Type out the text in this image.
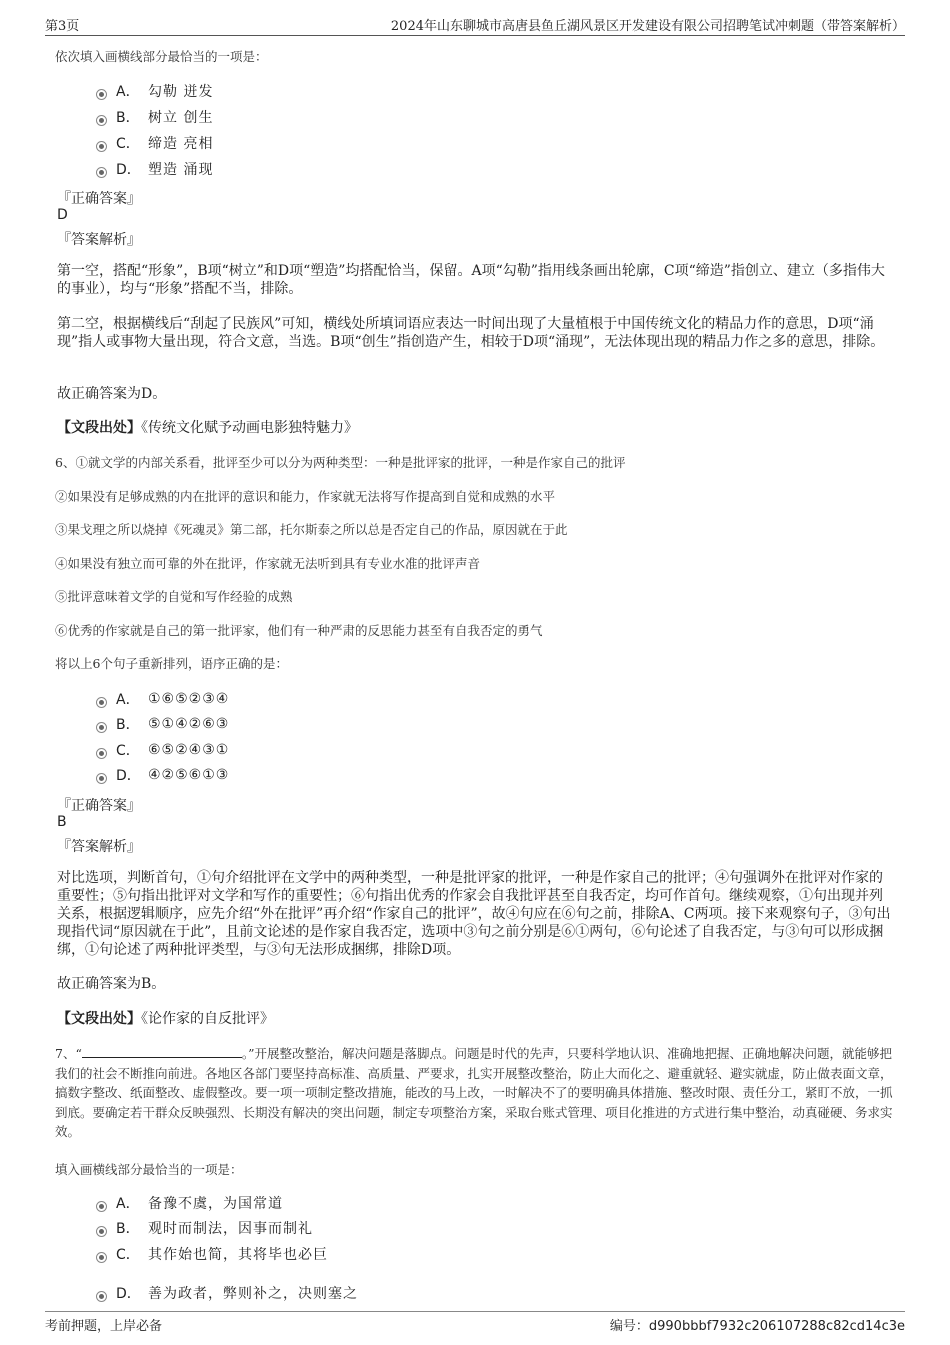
第3页	2024年山东聊城市高唐县鱼丘湖风景区开发建设有限公司招聘笔试冲刺题（带答案解析）
依次填入画横线部分最恰当的一项是：
A． 勾勒 迸发
B． 树立 创生
C． 缔造 亮相
D． 塑造 涌现
『正确答案』
D
『答案解析』
第一空，搭配“形象”，B项“树立”和D项“塑造”均搭配恰当，保留。A项“勾勒”指用线条画出轮廓，C项“缔造”指创立、建立（多指伟大的事业），均与“形象”搭配不当，排除。
第二空，根据横线后“刮起了民族风”可知，横线处所填词语应表达一时间出现了大量植根于中国传统文化的精品力作的意思，D项“涌现”指人或事物大量出现，符合文意，当选。B项“创生”指创造产生，相较于D项“涌现”，无法体现出现的精品力作之多的意思，排除。
故正确答案为D。
【文段出处】《传统文化赋予动画电影独特魅力》
6、①就文学的内部关系看，批评至少可以分为两种类型：一种是批评家的批评，一种是作家自己的批评
②如果没有足够成熟的内在批评的意识和能力，作家就无法将写作提高到自觉和成熟的水平
③果戈理之所以烧掉《死魂灵》第二部，托尔斯泰之所以总是否定自己的作品，原因就在于此
④如果没有独立而可靠的外在批评，作家就无法听到具有专业水准的批评声音
⑤批评意味着文学的自觉和写作经验的成熟
⑥优秀的作家就是自己的第一批评家，他们有一种严肃的反思能力甚至有自我否定的勇气
将以上6个句子重新排列，语序正确的是：
A． ①⑥⑤②③④
B． ⑤①④②⑥③
C． ⑥⑤②④③①
D． ④②⑤⑥①③
『正确答案』
B
『答案解析』
对比选项，判断首句，①句介绍批评在文学中的两种类型，一种是批评家的批评，一种是作家自己的批评；④句强调外在批评对作家的重要性；⑤句指出批评对文学和写作的重要性；⑥句指出优秀的作家会自我批评甚至自我否定，均可作首句。继续观察，①句出现并列关系，根据逻辑顺序，应先介绍“外在批评”再介绍“作家自己的批评”，故④句应在⑥句之前，排除A、C两项。接下来观察句子，③句出现指代词“原因就在于此”，且前文论述的是作家自我否定，选项中③句之前分别是⑥①两句，⑥句论述了自我否定，与③句可以形成捆绑，①句论述了两种批评类型，与③句无法形成捆绑，排除D项。
故正确答案为B。
【文段出处】《论作家的自反批评》
7、“	。”开展整改整治，解决问题是落脚点。问题是时代的先声，只要科学地认识、准确地把握、正确地解决问题，就能够把我们的社会不断推向前进。各地区各部门要坚持高标准、高质量、严要求，扎实开展整改整治，防止大而化之、避重就轻、避实就虚，防止做表面文章，搞数字整改、纸面整改、虚假整改。要一项一项制定整改措施，能改的马上改，一时解决不了的要明确具体措施、整改时限、责任分工，紧盯不放，一抓到底。要确定若干群众反映强烈、长期没有解决的突出问题，制定专项整治方案，采取台账式管理、项目化推进的方式进行集中整治，动真碰硬、务求实效。
填入画横线部分最恰当的一项是：
A． 备豫不虞，为国常道
B． 观时而制法，因事而制礼
C． 其作始也简，其将毕也必巨
D． 善为政者，弊则补之，决则塞之
考前押题，上岸必备	编号：d990bbbf7932c206107288c82cd14c3e
